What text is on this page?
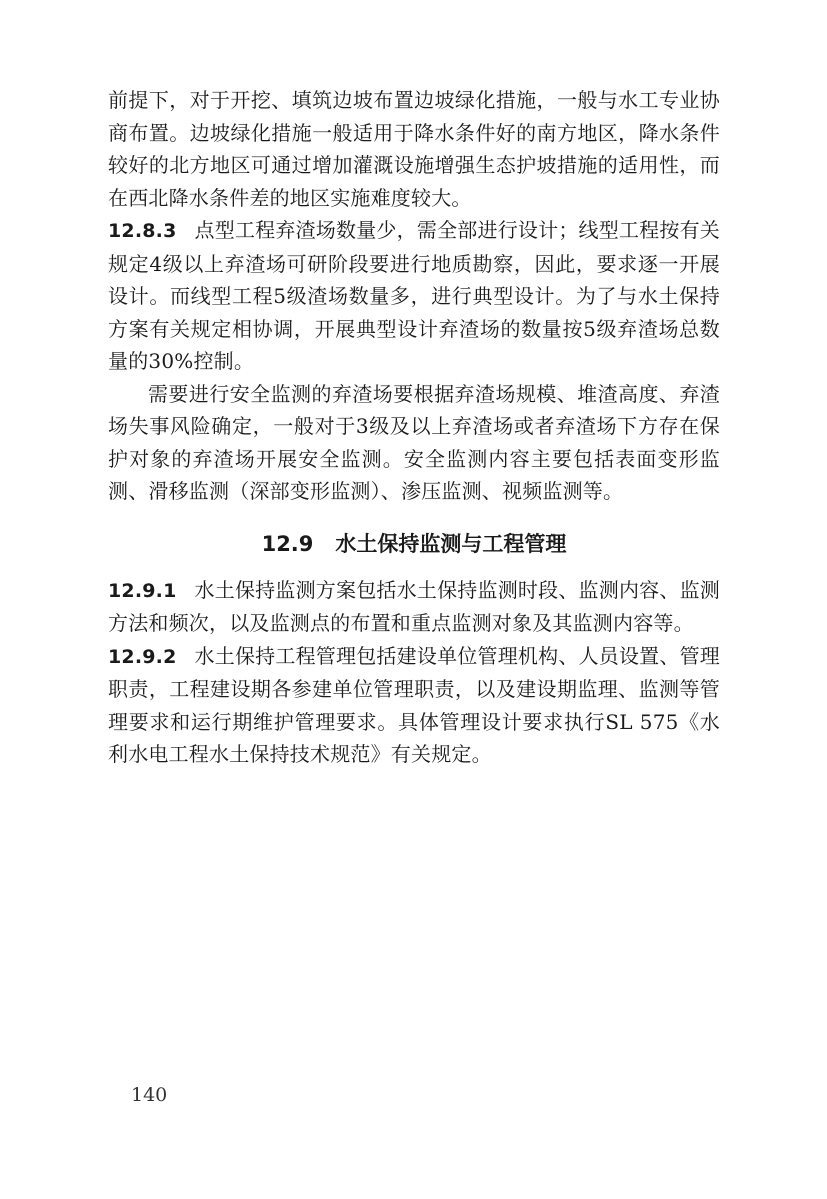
前提下，对于开挖、填筑边坡布置边坡绿化措施，一般与水工专业协商布置。边坡绿化措施一般适用于降水条件好的南方地区，降水条件较好的北方地区可通过增加灌溉设施增强生态护坡措施的适用性，而在西北降水条件差的地区实施难度较大。

12.8.3 点型工程弃渣场数量少，需全部进行设计；线型工程按有关规定4级以上弃渣场可研阶段要进行地质勘察，因此，要求逐一开展设计。而线型工程5级渣场数量多，进行典型设计。为了与水土保持方案有关规定相协调，开展典型设计弃渣场的数量按5级弃渣场总数量的30%控制。

需要进行安全监测的弃渣场要根据弃渣场规模、堆渣高度、弃渣场失事风险确定，一般对于3级及以上弃渣场或者弃渣场下方存在保护对象的弃渣场开展安全监测。安全监测内容主要包括表面变形监测、滑移监测（深部变形监测）、渗压监测、视频监测等。

12.9 水土保持监测与工程管理

12.9.1 水土保持监测方案包括水土保持监测时段、监测内容、监测方法和频次，以及监测点的布置和重点监测对象及其监测内容等。

12.9.2 水土保持工程管理包括建设单位管理机构、人员设置、管理职责，工程建设期各参建单位管理职责，以及建设期监理、监测等管理要求和运行期维护管理要求。具体管理设计要求执行SL 575《水利水电工程水土保持技术规范》有关规定。

140
